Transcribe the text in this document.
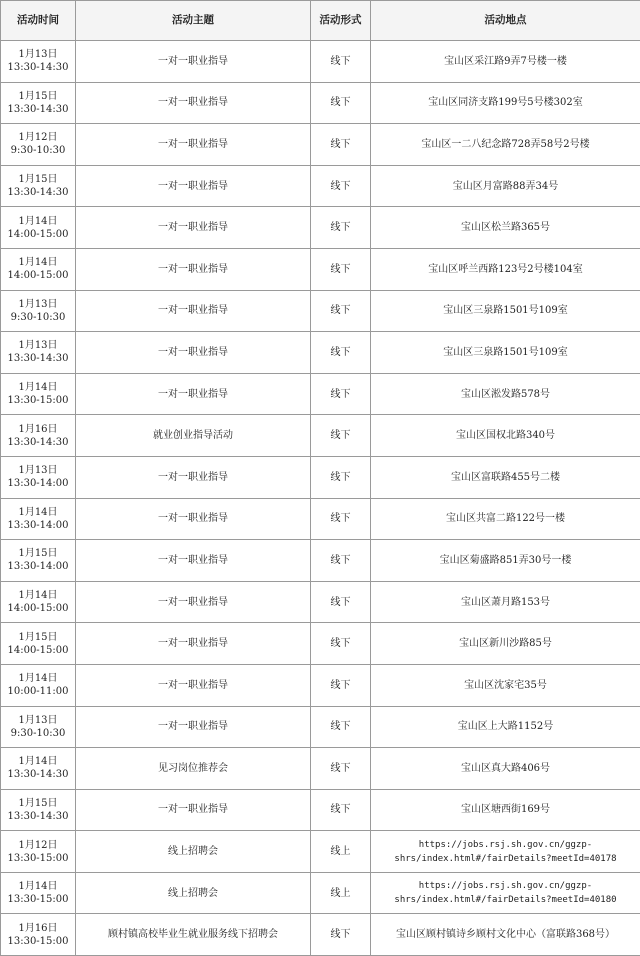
活动时间	活动主题	活动形式	活动地点

1月13日
13:30-14:30	一对一职业指导	线下	宝山区采江路9弄7号楼一楼

1月15日
13:30-14:30	一对一职业指导	线下	宝山区同济支路199号5号楼302室

1月12日
9:30-10:30	一对一职业指导	线下	宝山区一二八纪念路728弄58号2号楼

1月15日
13:30-14:30	一对一职业指导	线下	宝山区月富路88弄34号

1月14日
14:00-15:00	一对一职业指导	线下	宝山区松兰路365号

1月14日
14:00-15:00	一对一职业指导	线下	宝山区呼兰西路123号2号楼104室

1月13日
9:30-10:30	一对一职业指导	线下	宝山区三泉路1501号109室

1月13日
13:30-14:30	一对一职业指导	线下	宝山区三泉路1501号109室

1月14日
13:30-15:00	一对一职业指导	线下	宝山区淞发路578号

1月16日
13:30-14:30	就业创业指导活动	线下	宝山区国权北路340号

1月13日
13:30-14:00	一对一职业指导	线下	宝山区富联路455号二楼

1月14日
13:30-14:00	一对一职业指导	线下	宝山区共富二路122号一楼

1月15日
13:30-14:00	一对一职业指导	线下	宝山区菊盛路851弄30号一楼

1月14日
14:00-15:00	一对一职业指导	线下	宝山区萧月路153号

1月15日
14:00-15:00	一对一职业指导	线下	宝山区新川沙路85号

1月14日
10:00-11:00	一对一职业指导	线下	宝山区沈家宅35号

1月13日
9:30-10:30	一对一职业指导	线下	宝山区上大路1152号

1月14日
13:30-14:30	见习岗位推荐会	线下	宝山区真大路406号

1月15日
13:30-14:30	一对一职业指导	线下	宝山区塘西街169号

1月12日
13:30-15:00	线上招聘会	线上	https://jobs.rsj.sh.gov.cn/ggzp-
shrs/index.html#/fairDetails?meetId=40178

1月14日
13:30-15:00	线上招聘会	线上	https://jobs.rsj.sh.gov.cn/ggzp-
shrs/index.html#/fairDetails?meetId=40180

1月16日
13:30-15:00	顾村镇高校毕业生就业服务线下招聘会	线下	宝山区顾村镇诗乡顾村文化中心（富联路368号）
